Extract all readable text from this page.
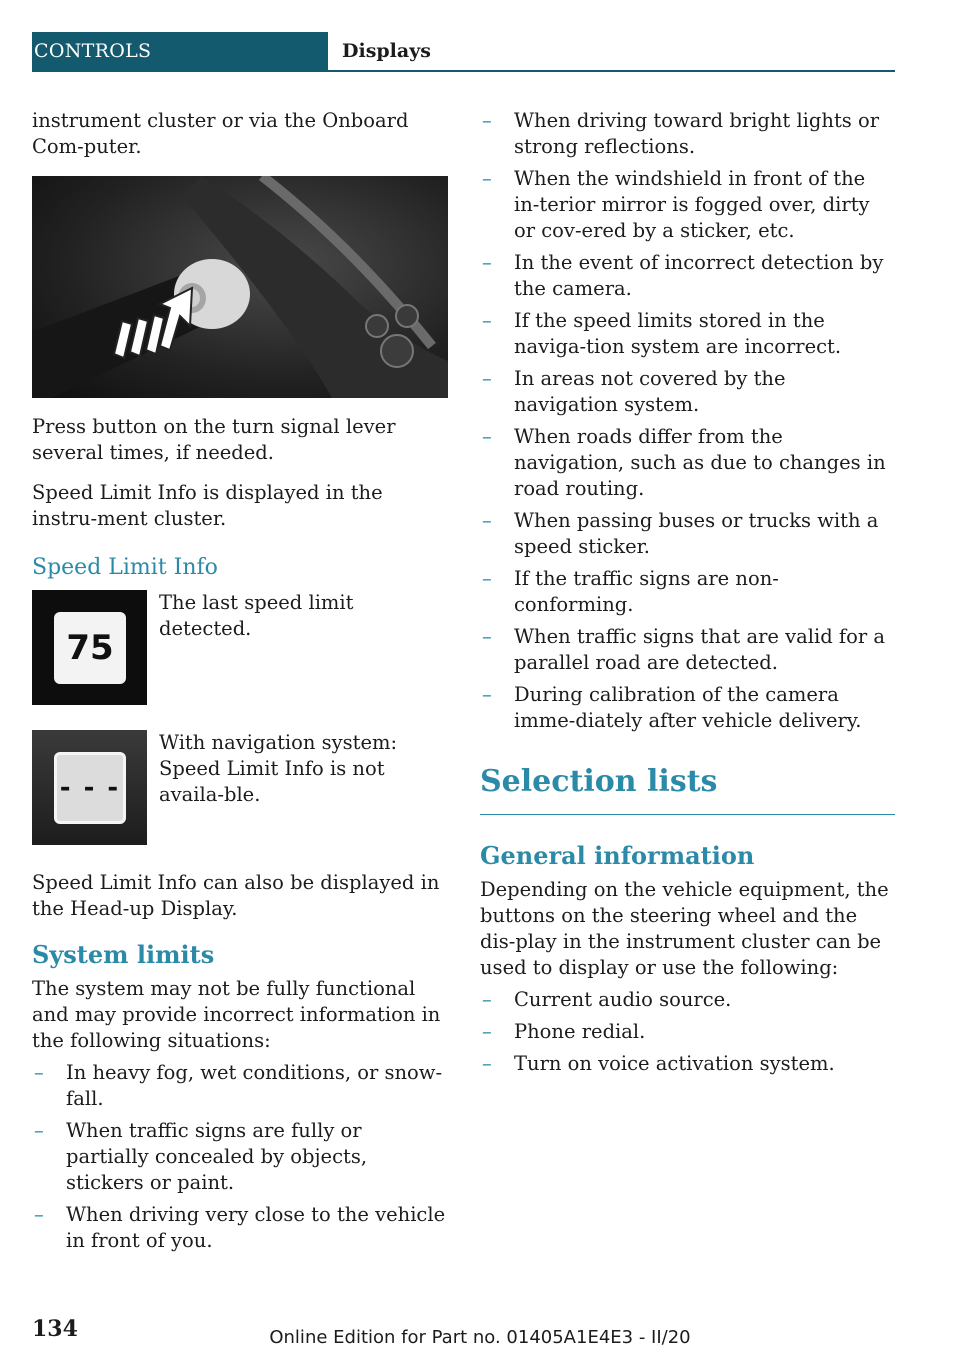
CONTROLS	Displays

instrument cluster or via the Onboard Com-puter.

Press button on the turn signal lever several times, if needed.

Speed Limit Info is displayed in the instru-ment cluster.

Speed Limit Info
75
The last speed limit detected.
- - -
With navigation system: Speed Limit Info is not availa-ble.

Speed Limit Info can also be displayed in the Head-up Display.

System limits

The system may not be fully functional and may provide incorrect information in the following situations:

– In heavy fog, wet conditions, or snow-fall.
– When traffic signs are fully or partially concealed by objects, stickers or paint.
– When driving very close to the vehicle in front of you.
– When driving toward bright lights or strong reflections.
– When the windshield in front of the in-terior mirror is fogged over, dirty or cov-ered by a sticker, etc.
– In the event of incorrect detection by the camera.
– If the speed limits stored in the naviga-tion system are incorrect.
– In areas not covered by the navigation system.
– When roads differ from the navigation, such as due to changes in road routing.
– When passing buses or trucks with a speed sticker.
– If the traffic signs are non-conforming.
– When traffic signs that are valid for a parallel road are detected.
– During calibration of the camera imme-diately after vehicle delivery.
Selection lists
General information

Depending on the vehicle equipment, the buttons on the steering wheel and the dis-play in the instrument cluster can be used to display or use the following:

– Current audio source.
– Phone redial.
– Turn on voice activation system.
134	Online Edition for Part no. 01405A1E4E3 - II/20
